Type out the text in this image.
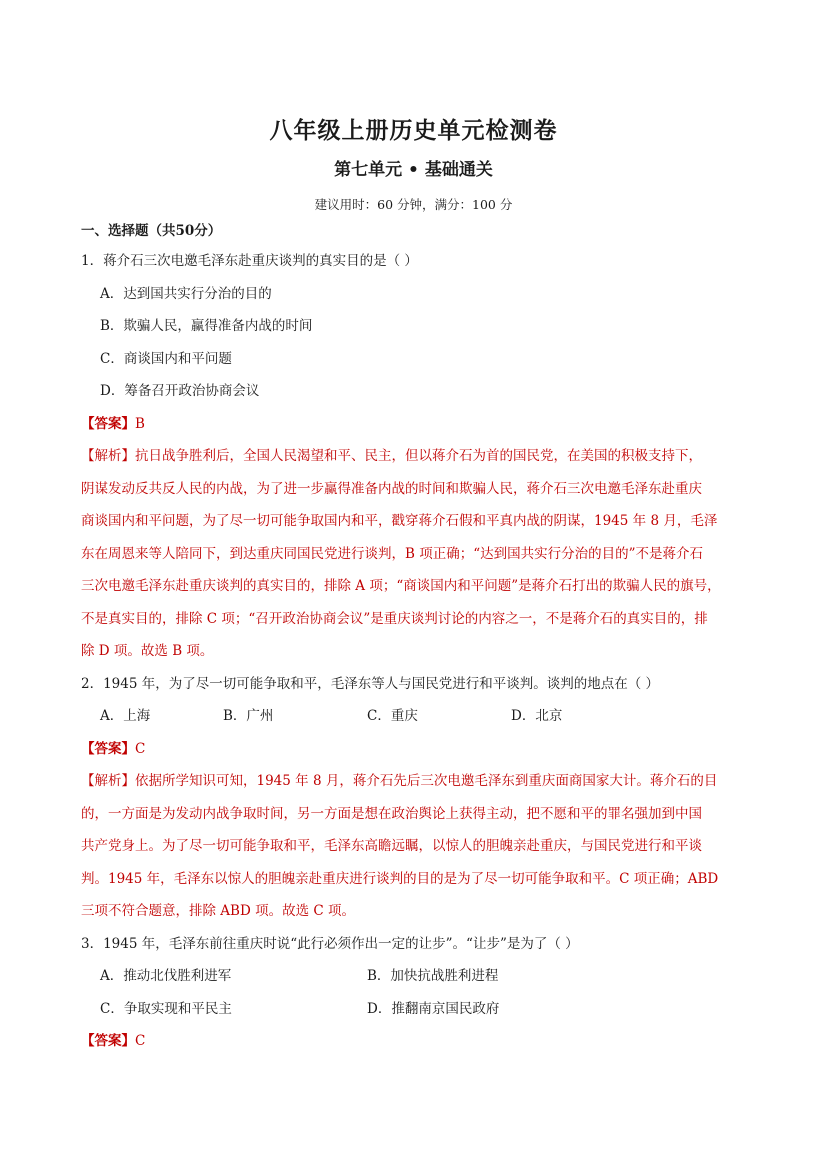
八年级上册历史单元检测卷
第七单元 • 基础通关
建议用时：60 分钟，满分：100 分
一、选择题（共50分）
1．蒋介石三次电邀毛泽东赴重庆谈判的真实目的是（ ）
A．达到国共实行分治的目的
B．欺骗人民，赢得准备内战的时间
C．商谈国内和平问题
D．筹备召开政治协商会议
【答案】B
【解析】抗日战争胜利后，全国人民渴望和平、民主，但以蒋介石为首的国民党，在美国的积极支持下，
阴谋发动反共反人民的内战，为了进一步赢得准备内战的时间和欺骗人民，蒋介石三次电邀毛泽东赴重庆
商谈国内和平问题，为了尽一切可能争取国内和平，戳穿蒋介石假和平真内战的阴谋，1945 年 8 月，毛泽
东在周恩来等人陪同下，到达重庆同国民党进行谈判，B 项正确；“达到国共实行分治的目的”不是蒋介石
三次电邀毛泽东赴重庆谈判的真实目的，排除 A 项；“商谈国内和平问题”是蒋介石打出的欺骗人民的旗号，
不是真实目的，排除 C 项；“召开政治协商会议”是重庆谈判讨论的内容之一，不是蒋介石的真实目的，排
除 D 项。故选 B 项。
2．1945 年，为了尽一切可能争取和平，毛泽东等人与国民党进行和平谈判。谈判的地点在（ ）
A．上海	B．广州	C．重庆	D．北京
【答案】C
【解析】依据所学知识可知，1945 年 8 月，蒋介石先后三次电邀毛泽东到重庆面商国家大计。蒋介石的目
的，一方面是为发动内战争取时间，另一方面是想在政治舆论上获得主动，把不愿和平的罪名强加到中国
共产党身上。为了尽一切可能争取和平，毛泽东高瞻远瞩，以惊人的胆魄亲赴重庆，与国民党进行和平谈
判。1945 年，毛泽东以惊人的胆魄亲赴重庆进行谈判的目的是为了尽一切可能争取和平。C 项正确；ABD
三项不符合题意，排除 ABD 项。故选 C 项。
3．1945 年，毛泽东前往重庆时说“此行必须作出一定的让步”。“让步”是为了（ ）
A．推动北伐胜利进军	B．加快抗战胜利进程
C．争取实现和平民主	D．推翻南京国民政府
【答案】C
